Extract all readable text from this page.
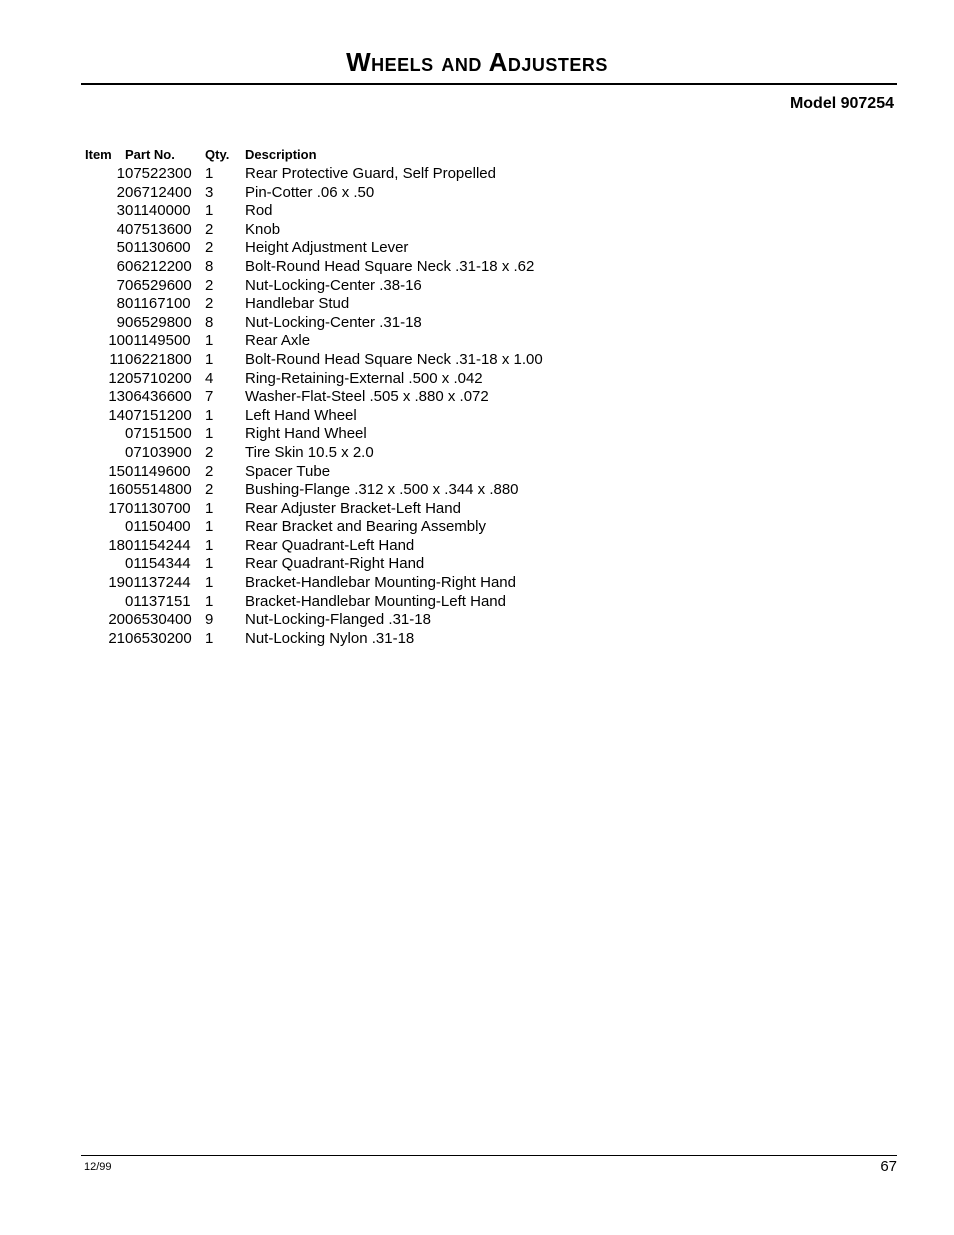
Wheels and Adjusters
Model 907254
Item	Part No.	Qty.	Description
1	07522300	1	Rear Protective Guard, Self Propelled
2	06712400	3	Pin-Cotter .06 x .50
3	01140000	1	Rod
4	07513600	2	Knob
5	01130600	2	Height Adjustment Lever
6	06212200	8	Bolt-Round Head Square Neck .31-18 x .62
7	06529600	2	Nut-Locking-Center .38-16
8	01167100	2	Handlebar Stud
9	06529800	8	Nut-Locking-Center .31-18
10	01149500	1	Rear Axle
11	06221800	1	Bolt-Round Head Square Neck .31-18 x 1.00
12	05710200	4	Ring-Retaining-External .500 x .042
13	06436600	7	Washer-Flat-Steel .505 x .880 x .072
14	07151200	1	Left Hand Wheel
	07151500	1	Right Hand Wheel
	07103900	2	Tire Skin 10.5 x 2.0
15	01149600	2	Spacer Tube
16	05514800	2	Bushing-Flange .312 x .500 x .344 x .880
17	01130700	1	Rear Adjuster Bracket-Left Hand
	01150400	1	Rear Bracket and Bearing Assembly
18	01154244	1	Rear Quadrant-Left Hand
	01154344	1	Rear Quadrant-Right Hand
19	01137244	1	Bracket-Handlebar Mounting-Right Hand
	01137151	1	Bracket-Handlebar Mounting-Left Hand
20	06530400	9	Nut-Locking-Flanged .31-18
21	06530200	1	Nut-Locking Nylon .31-18
12/99	67
